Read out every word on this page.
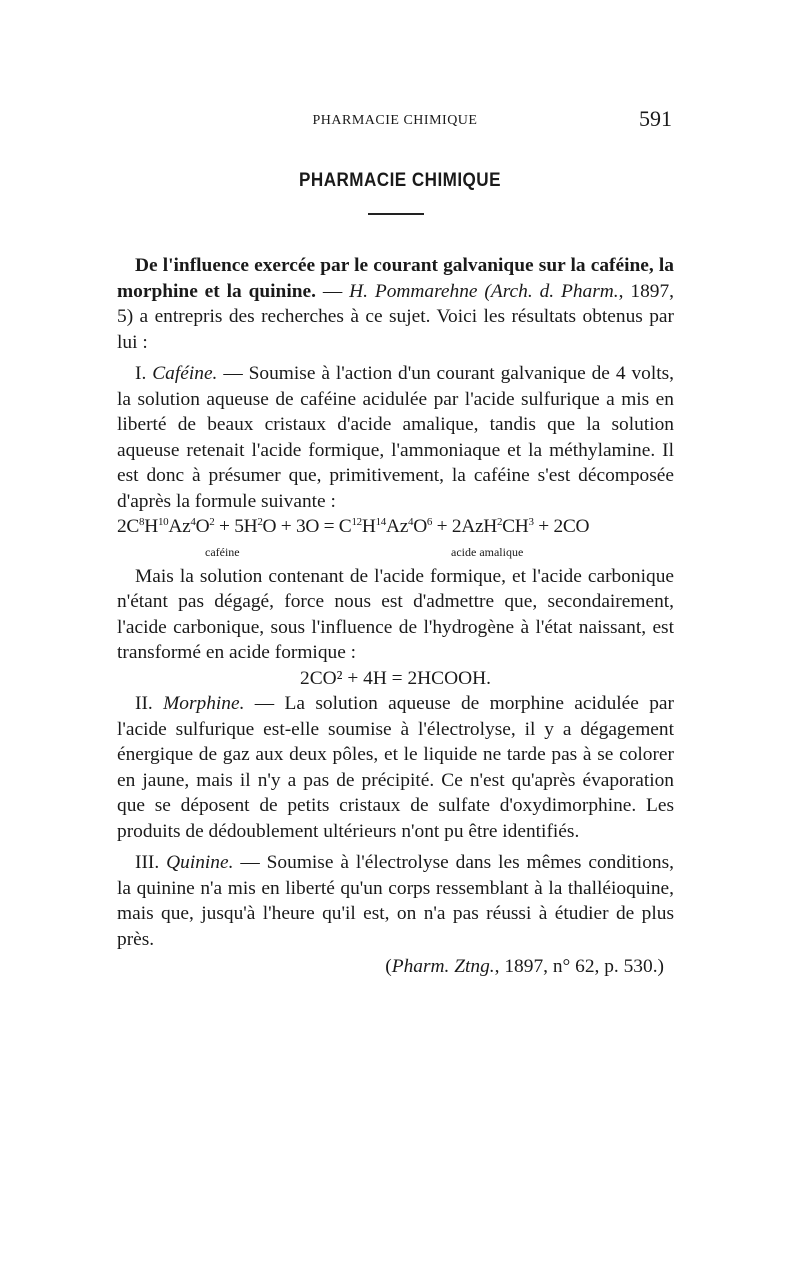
PHARMACIE CHIMIQUE	591
PHARMACIE CHIMIQUE

De l'influence exercée par le courant galvanique sur la caféine, la morphine et la quinine. — H. Pommarehne (Arch. d. Pharm., 1897, 5) a entrepris des recherches à ce sujet. Voici les résultats obtenus par lui :

I. Caféine. — Soumise à l'action d'un courant galvanique de 4 volts, la solution aqueuse de caféine acidulée par l'acide sulfurique a mis en liberté de beaux cristaux d'acide amalique, tandis que la solution aqueuse retenait l'acide formique, l'ammoniaque et la méthylamine. Il est donc à présumer que, primitivement, la caféine s'est décomposée d'après la formule suivante :

$2C^8H^{10}Az^4O^2 + 5H^2O + 3O = C^{12}H^{14}Az^4O^6 + 2AzH^2CH^3 + 2CO$

caféine	acide amalique

Mais la solution contenant de l'acide formique, et l'acide carbonique n'étant pas dégagé, force nous est d'admettre que, secondairement, l'acide carbonique, sous l'influence de l'hydrogène à l'état naissant, est transformé en acide formique :

2CO² + 4H = 2HCOOH.

II. Morphine. — La solution aqueuse de morphine acidulée par l'acide sulfurique est-elle soumise à l'électrolyse, il y a dégagement énergique de gaz aux deux pôles, et le liquide ne tarde pas à se colorer en jaune, mais il n'y a pas de précipité. Ce n'est qu'après évaporation que se déposent de petits cristaux de sulfate d'oxydimorphine. Les produits de dédoublement ultérieurs n'ont pu être identifiés.

III. Quinine. — Soumise à l'électrolyse dans les mêmes conditions, la quinine n'a mis en liberté qu'un corps ressemblant à la thalléioquine, mais que, jusqu'à l'heure qu'il est, on n'a pas réussi à étudier de plus près.

(Pharm. Ztng., 1897, n° 62, p. 530.)
